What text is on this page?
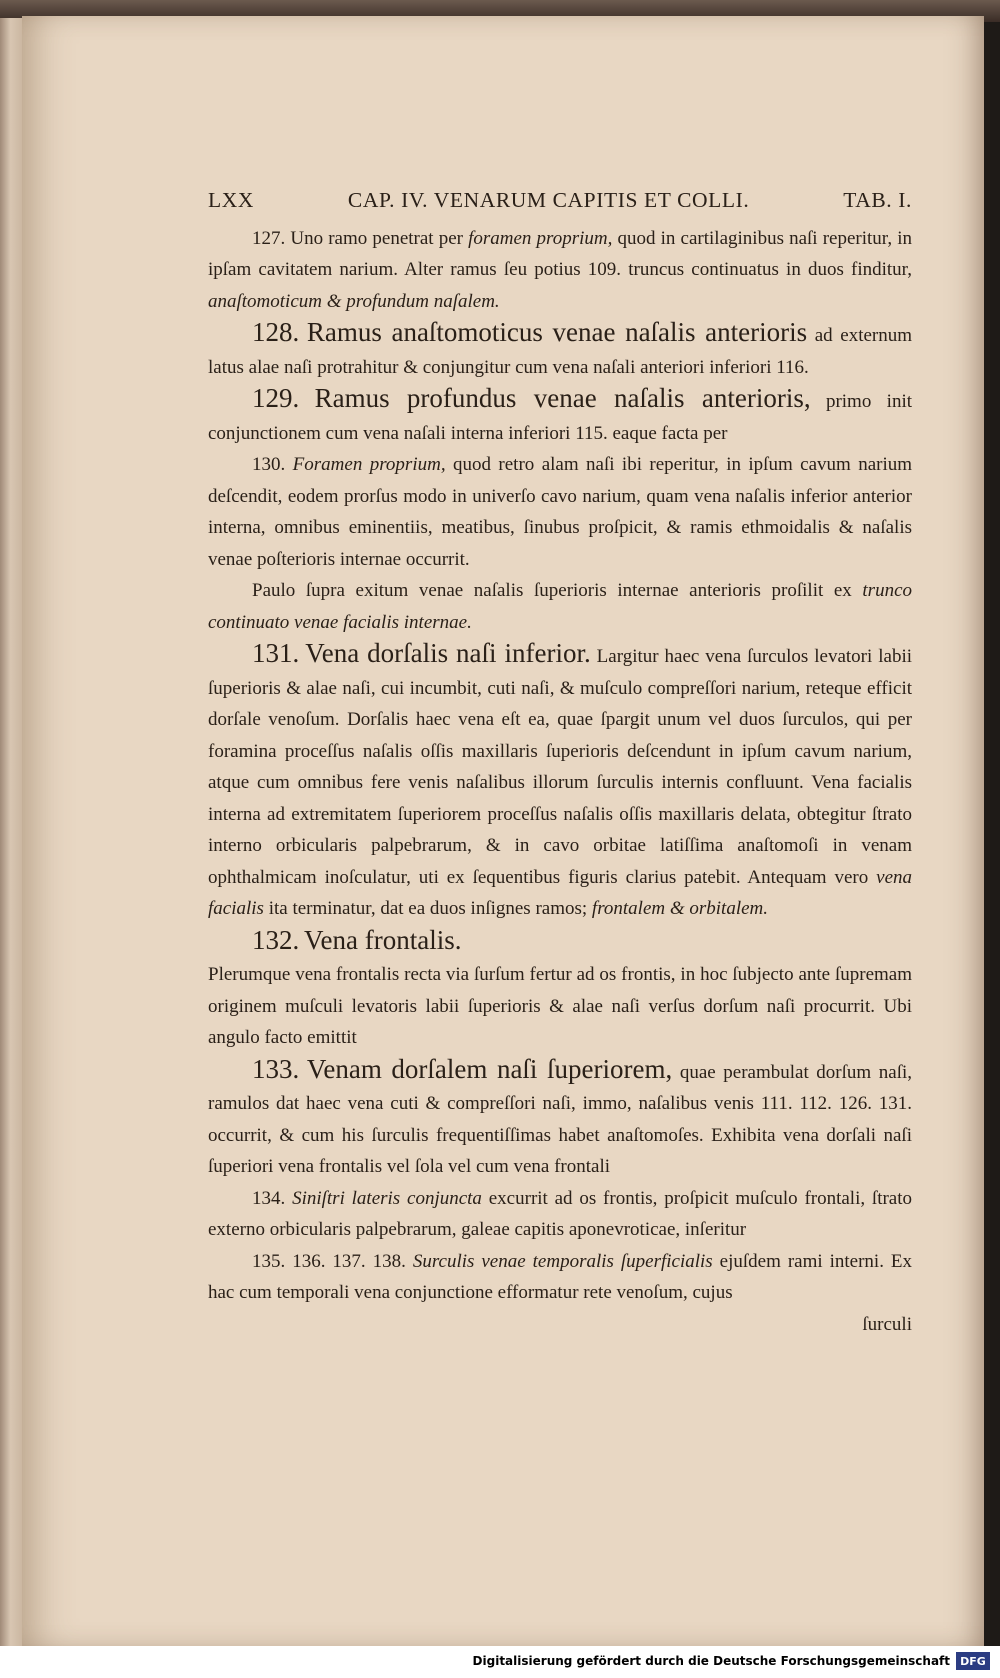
LXX	CAP. IV. VENARUM CAPITIS ET COLLI.	TAB. I.

127. Uno ramo penetrat per foramen proprium, quod in cartilaginibus naſi reperitur, in ipſam cavitatem narium. Alter ramus ſeu potius 109. truncus continuatus in duos finditur, anaſtomoticum & profundum naſalem.

128. Ramus anaſtomoticus venae naſalis anterioris ad externum latus alae naſi protrahitur & conjungitur cum vena naſali anteriori inferiori 116.

129. Ramus profundus venae naſalis anterioris, primo init conjunctionem cum vena naſali interna inferiori 115. eaque facta per

130. Foramen proprium, quod retro alam naſi ibi reperitur, in ipſum cavum narium deſcendit, eodem prorſus modo in univerſo cavo narium, quam vena naſalis inferior anterior interna, omnibus eminentiis, meatibus, ſinubus proſpicit, & ramis ethmoidalis & naſalis venae poſterioris internae occurrit.

Paulo ſupra exitum venae naſalis ſuperioris internae anterioris proſilit ex trunco continuato venae facialis internae.

131. Vena dorſalis naſi inferior. Largitur haec vena ſurculos levatori labii ſuperioris & alae naſi, cui incumbit, cuti naſi, & muſculo compreſſori narium, reteque efficit dorſale venoſum. Dorſalis haec vena eſt ea, quae ſpargit unum vel duos ſurculos, qui per foramina proceſſus naſalis oſſis maxillaris ſuperioris deſcendunt in ipſum cavum narium, atque cum omnibus fere venis naſalibus illorum ſurculis internis confluunt. Vena facialis interna ad extremitatem ſuperiorem proceſſus naſalis oſſis maxillaris delata, obtegitur ſtrato interno orbicularis palpebrarum, & in cavo orbitae latiſſima anaſtomoſi in venam ophthalmicam inoſculatur, uti ex ſequentibus figuris clarius patebit. Antequam vero vena facialis ita terminatur, dat ea duos inſignes ramos; frontalem & orbitalem.

132. Vena frontalis.

Plerumque vena frontalis recta via ſurſum fertur ad os frontis, in hoc ſubjecto ante ſupremam originem muſculi levatoris labii ſuperioris & alae naſi verſus dorſum naſi procurrit. Ubi angulo facto emittit

133. Venam dorſalem naſi ſuperiorem, quae perambulat dorſum naſi, ramulos dat haec vena cuti & compreſſori naſi, immo, naſalibus venis 111. 112. 126. 131. occurrit, & cum his ſurculis frequentiſſimas habet anaſtomoſes. Exhibita vena dorſali naſi ſuperiori vena frontalis vel ſola vel cum vena frontali

134. Siniſtri lateris conjuncta excurrit ad os frontis, proſpicit muſculo frontali, ſtrato externo orbicularis palpebrarum, galeae capitis aponevroticae, inſeritur

135. 136. 137. 138. Surculis venae temporalis ſuperficialis ejuſdem rami interni. Ex hac cum temporali vena conjunctione efformatur rete venoſum, cujus

ſurculi

Digitalisierung gefördert durch die Deutsche Forschungsgemeinschaft DFG
